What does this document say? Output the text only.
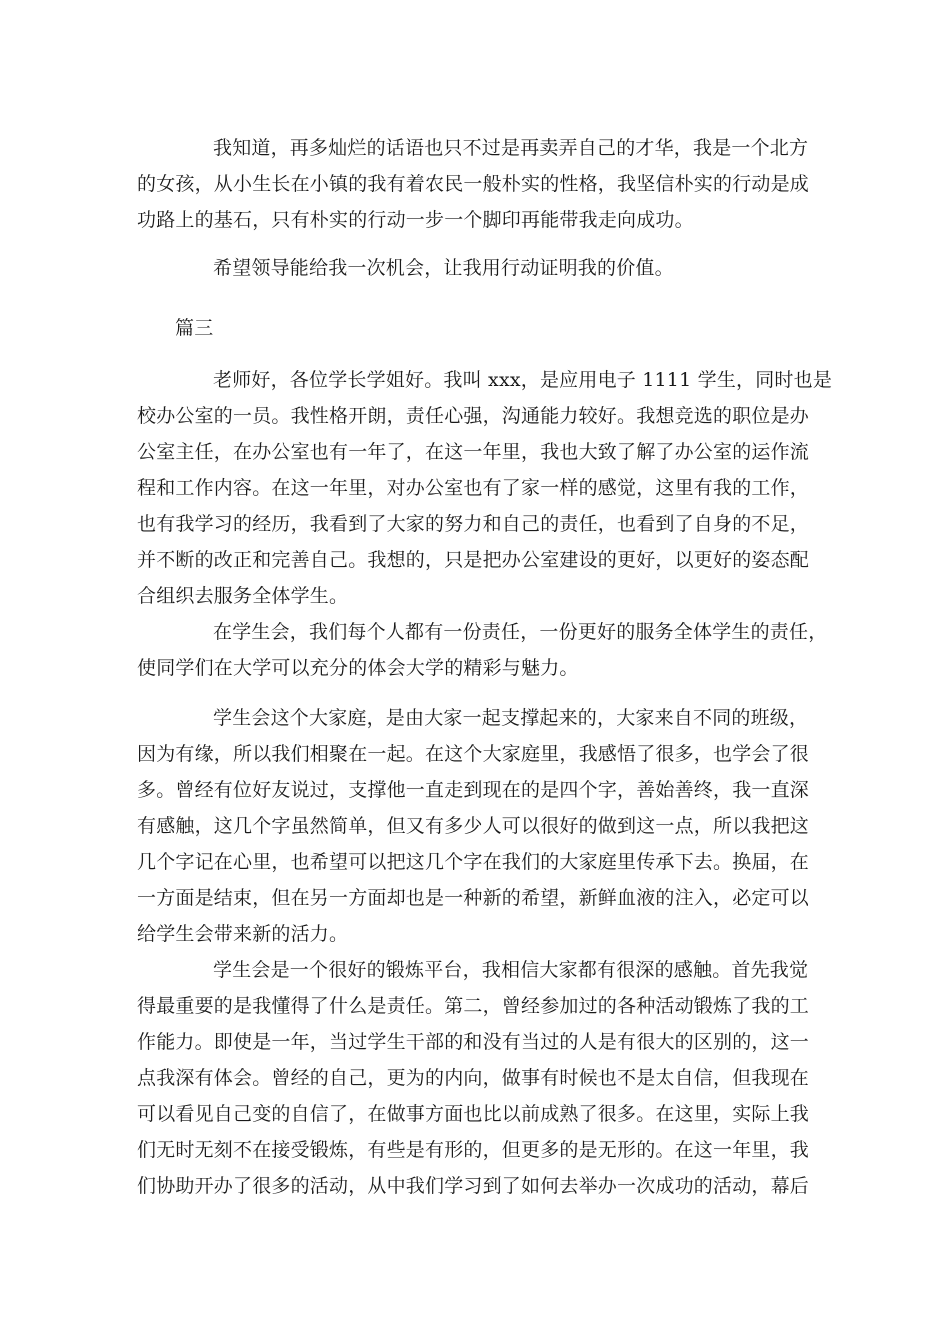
我知道，再多灿烂的话语也只不过是再卖弄自己的才华，我是一个北方
的女孩，从小生长在小镇的我有着农民一般朴实的性格，我坚信朴实的行动是成
功路上的基石，只有朴实的行动一步一个脚印再能带我走向成功。
希望领导能给我一次机会，让我用行动证明我的价值。
篇三
老师好，各位学长学姐好。我叫 xxx，是应用电子 1111 学生，同时也是
校办公室的一员。我性格开朗，责任心强，沟通能力较好。我想竞选的职位是办
公室主任，在办公室也有一年了，在这一年里，我也大致了解了办公室的运作流
程和工作内容。在这一年里，对办公室也有了家一样的感觉，这里有我的工作，
也有我学习的经历，我看到了大家的努力和自己的责任，也看到了自身的不足，
并不断的改正和完善自己。我想的，只是把办公室建设的更好，以更好的姿态配
合组织去服务全体学生。
在学生会，我们每个人都有一份责任，一份更好的服务全体学生的责任，
使同学们在大学可以充分的体会大学的精彩与魅力。
学生会这个大家庭，是由大家一起支撑起来的，大家来自不同的班级，
因为有缘，所以我们相聚在一起。在这个大家庭里，我感悟了很多，也学会了很
多。曾经有位好友说过，支撑他一直走到现在的是四个字，善始善终，我一直深
有感触，这几个字虽然简单，但又有多少人可以很好的做到这一点，所以我把这
几个字记在心里，也希望可以把这几个字在我们的大家庭里传承下去。换届，在
一方面是结束，但在另一方面却也是一种新的希望，新鲜血液的注入，必定可以
给学生会带来新的活力。
学生会是一个很好的锻炼平台，我相信大家都有很深的感触。首先我觉
得最重要的是我懂得了什么是责任。第二，曾经参加过的各种活动锻炼了我的工
作能力。即使是一年，当过学生干部的和没有当过的人是有很大的区别的，这一
点我深有体会。曾经的自己，更为的内向，做事有时候也不是太自信，但我现在
可以看见自己变的自信了，在做事方面也比以前成熟了很多。在这里，实际上我
们无时无刻不在接受锻炼，有些是有形的，但更多的是无形的。在这一年里，我
们协助开办了很多的活动，从中我们学习到了如何去举办一次成功的活动，幕后
